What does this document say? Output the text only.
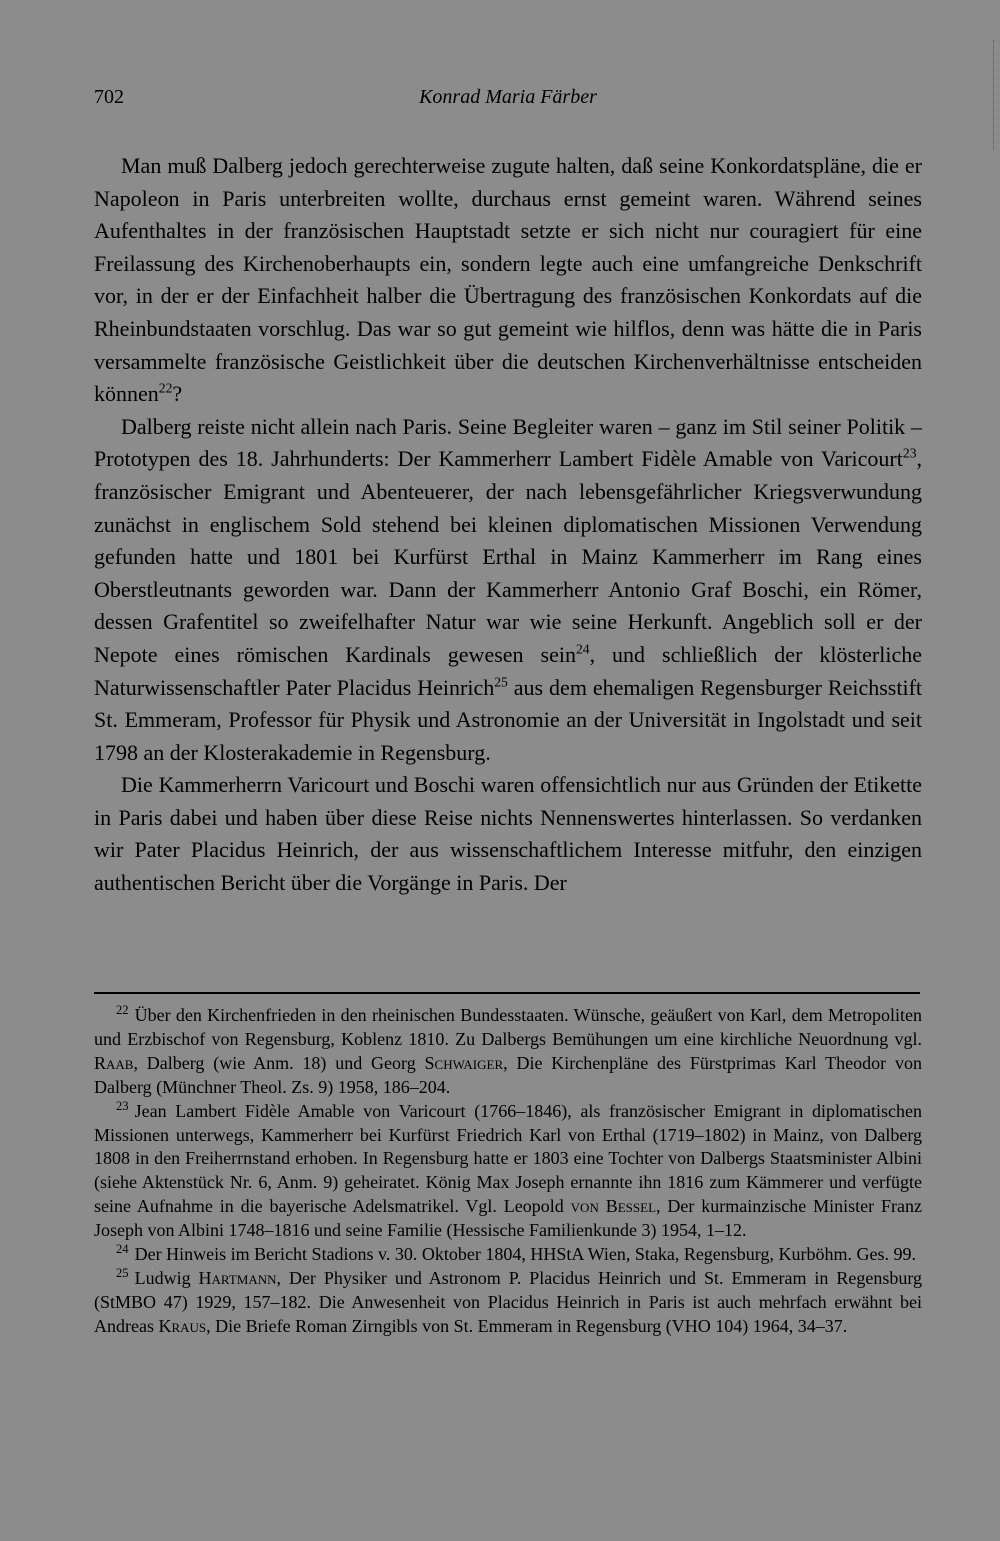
702	Konrad Maria Färber

Man muß Dalberg jedoch gerechterweise zugute halten, daß seine Konkordatspläne, die er Napoleon in Paris unterbreiten wollte, durchaus ernst gemeint waren. Während seines Aufenthaltes in der französischen Hauptstadt setzte er sich nicht nur couragiert für eine Freilassung des Kirchenoberhaupts ein, sondern legte auch eine umfangreiche Denkschrift vor, in der er der Einfachheit halber die Übertragung des französischen Konkordats auf die Rheinbundstaaten vorschlug. Das war so gut gemeint wie hilflos, denn was hätte die in Paris versammelte französische Geistlichkeit über die deutschen Kirchenverhältnisse entscheiden können$^{22}$?

Dalberg reiste nicht allein nach Paris. Seine Begleiter waren – ganz im Stil seiner Politik – Prototypen des 18. Jahrhunderts: Der Kammerherr Lambert Fidèle Amable von Varicourt$^{23}$, französischer Emigrant und Abenteuerer, der nach lebensgefährlicher Kriegsverwundung zunächst in englischem Sold stehend bei kleinen diplomatischen Missionen Verwendung gefunden hatte und 1801 bei Kurfürst Erthal in Mainz Kammerherr im Rang eines Oberstleutnants geworden war. Dann der Kammerherr Antonio Graf Boschi, ein Römer, dessen Grafentitel so zweifelhafter Natur war wie seine Herkunft. Angeblich soll er der Nepote eines römischen Kardinals gewesen sein$^{24}$, und schließlich der klösterliche Naturwissenschaftler Pater Placidus Heinrich$^{25}$ aus dem ehemaligen Regensburger Reichsstift St. Emmeram, Professor für Physik und Astronomie an der Universität in Ingolstadt und seit 1798 an der Klosterakademie in Regensburg.

Die Kammerherrn Varicourt und Boschi waren offensichtlich nur aus Gründen der Etikette in Paris dabei und haben über diese Reise nichts Nennenswertes hinterlassen. So verdanken wir Pater Placidus Heinrich, der aus wissenschaftlichem Interesse mitfuhr, den einzigen authentischen Bericht über die Vorgänge in Paris. Der

$^{22}$ Über den Kirchenfrieden in den rheinischen Bundesstaaten. Wünsche, geäußert von Karl, dem Metropoliten und Erzbischof von Regensburg, Koblenz 1810. Zu Dalbergs Bemühungen um eine kirchliche Neuordnung vgl. Raab, Dalberg (wie Anm. 18) und Georg Schwaiger, Die Kirchenpläne des Fürstprimas Karl Theodor von Dalberg (Münchner Theol. Zs. 9) 1958, 186–204.

$^{23}$ Jean Lambert Fidèle Amable von Varicourt (1766–1846), als französischer Emigrant in diplomatischen Missionen unterwegs, Kammerherr bei Kurfürst Friedrich Karl von Erthal (1719–1802) in Mainz, von Dalberg 1808 in den Freiherrnstand erhoben. In Regensburg hatte er 1803 eine Tochter von Dalbergs Staatsminister Albini (siehe Aktenstück Nr. 6, Anm. 9) geheiratet. König Max Joseph ernannte ihn 1816 zum Kämmerer und verfügte seine Aufnahme in die bayerische Adelsmatrikel. Vgl. Leopold von Bessel, Der kurmainzische Minister Franz Joseph von Albini 1748–1816 und seine Familie (Hessische Familienkunde 3) 1954, 1–12.

$^{24}$ Der Hinweis im Bericht Stadions v. 30. Oktober 1804, HHStA Wien, Staka, Regensburg, Kurböhm. Ges. 99.

$^{25}$ Ludwig Hartmann, Der Physiker und Astronom P. Placidus Heinrich und St. Emmeram in Regensburg (StMBO 47) 1929, 157–182. Die Anwesenheit von Placidus Heinrich in Paris ist auch mehrfach erwähnt bei Andreas Kraus, Die Briefe Roman Zirngibls von St. Emmeram in Regensburg (VHO 104) 1964, 34–37.
